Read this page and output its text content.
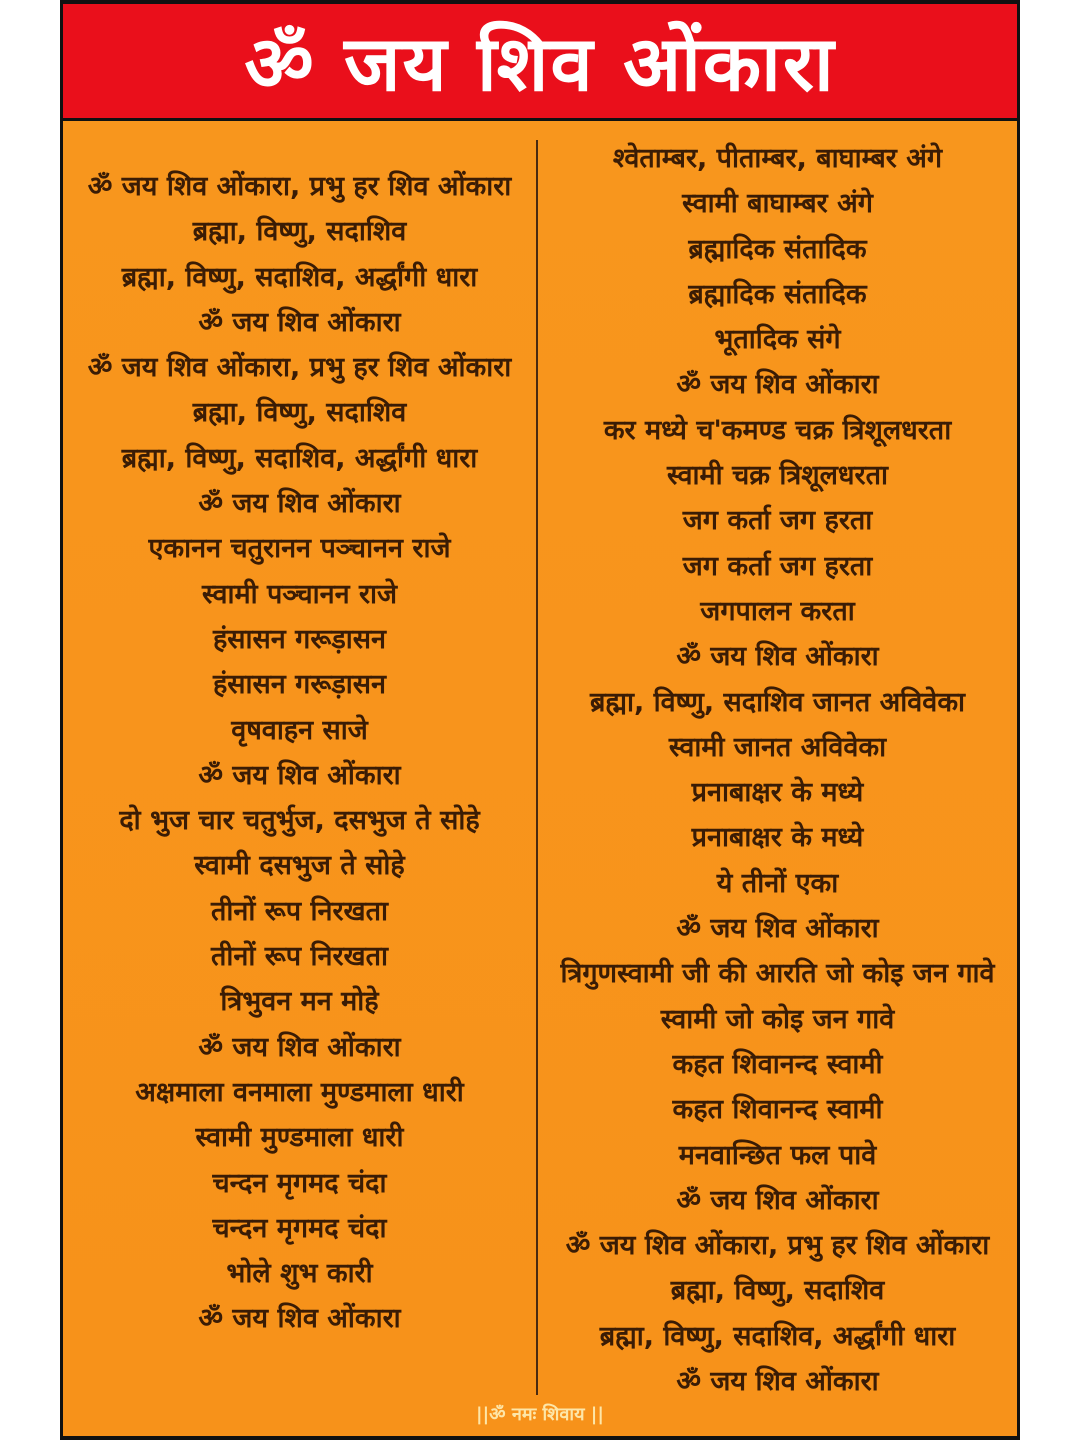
ॐ जय शिव ओंकारा
ॐ जय शिव ओंकारा, प्रभु हर शिव ओंकारा
ब्रह्मा, विष्णु, सदाशिव
ब्रह्मा, विष्णु, सदाशिव, अर्द्धांगी धारा
ॐ जय शिव ओंकारा
ॐ जय शिव ओंकारा, प्रभु हर शिव ओंकारा
ब्रह्मा, विष्णु, सदाशिव
ब्रह्मा, विष्णु, सदाशिव, अर्द्धांगी धारा
ॐ जय शिव ओंकारा
एकानन चतुरानन पञ्चानन राजे
स्वामी पञ्चानन राजे
हंसासन गरूड़ासन
हंसासन गरूड़ासन
वृषवाहन साजे
ॐ जय शिव ओंकारा
दो भुज चार चतुर्भुज, दसभुज ते सोहे
स्वामी दसभुज ते सोहे
तीनों रूप निरखता
तीनों रूप निरखता
त्रिभुवन मन मोहे
ॐ जय शिव ओंकारा
अक्षमाला वनमाला मुण्डमाला धारी
स्वामी मुण्डमाला धारी
चन्दन मृगमद चंदा
चन्दन मृगमद चंदा
भोले शुभ कारी
ॐ जय शिव ओंकारा
श्वेताम्बर, पीताम्बर, बाघाम्बर अंगे
स्वामी बाघाम्बर अंगे
ब्रह्मादिक संतादिक
ब्रह्मादिक संतादिक
भूतादिक संगे
ॐ जय शिव ओंकारा
कर मध्ये च'कमण्ड चक्र त्रिशूलधरता
स्वामी चक्र त्रिशूलधरता
जग कर्ता जग हरता
जग कर्ता जग हरता
जगपालन करता
ॐ जय शिव ओंकारा
ब्रह्मा, विष्णु, सदाशिव जानत अविवेका
स्वामी जानत अविवेका
प्रनाबाक्षर के मध्ये
प्रनाबाक्षर के मध्ये
ये तीनों एका
ॐ जय शिव ओंकारा
त्रिगुणस्वामी जी की आरति जो कोइ जन गावे
स्वामी जो कोइ जन गावे
कहत शिवानन्द स्वामी
कहत शिवानन्द स्वामी
मनवान्छित फल पावे
ॐ जय शिव ओंकारा
ॐ जय शिव ओंकारा, प्रभु हर शिव ओंकारा
ब्रह्मा, विष्णु, सदाशिव
ब्रह्मा, विष्णु, सदाशिव, अर्द्धांगी धारा
ॐ जय शिव ओंकारा
||ॐ नमः शिवाय ||
